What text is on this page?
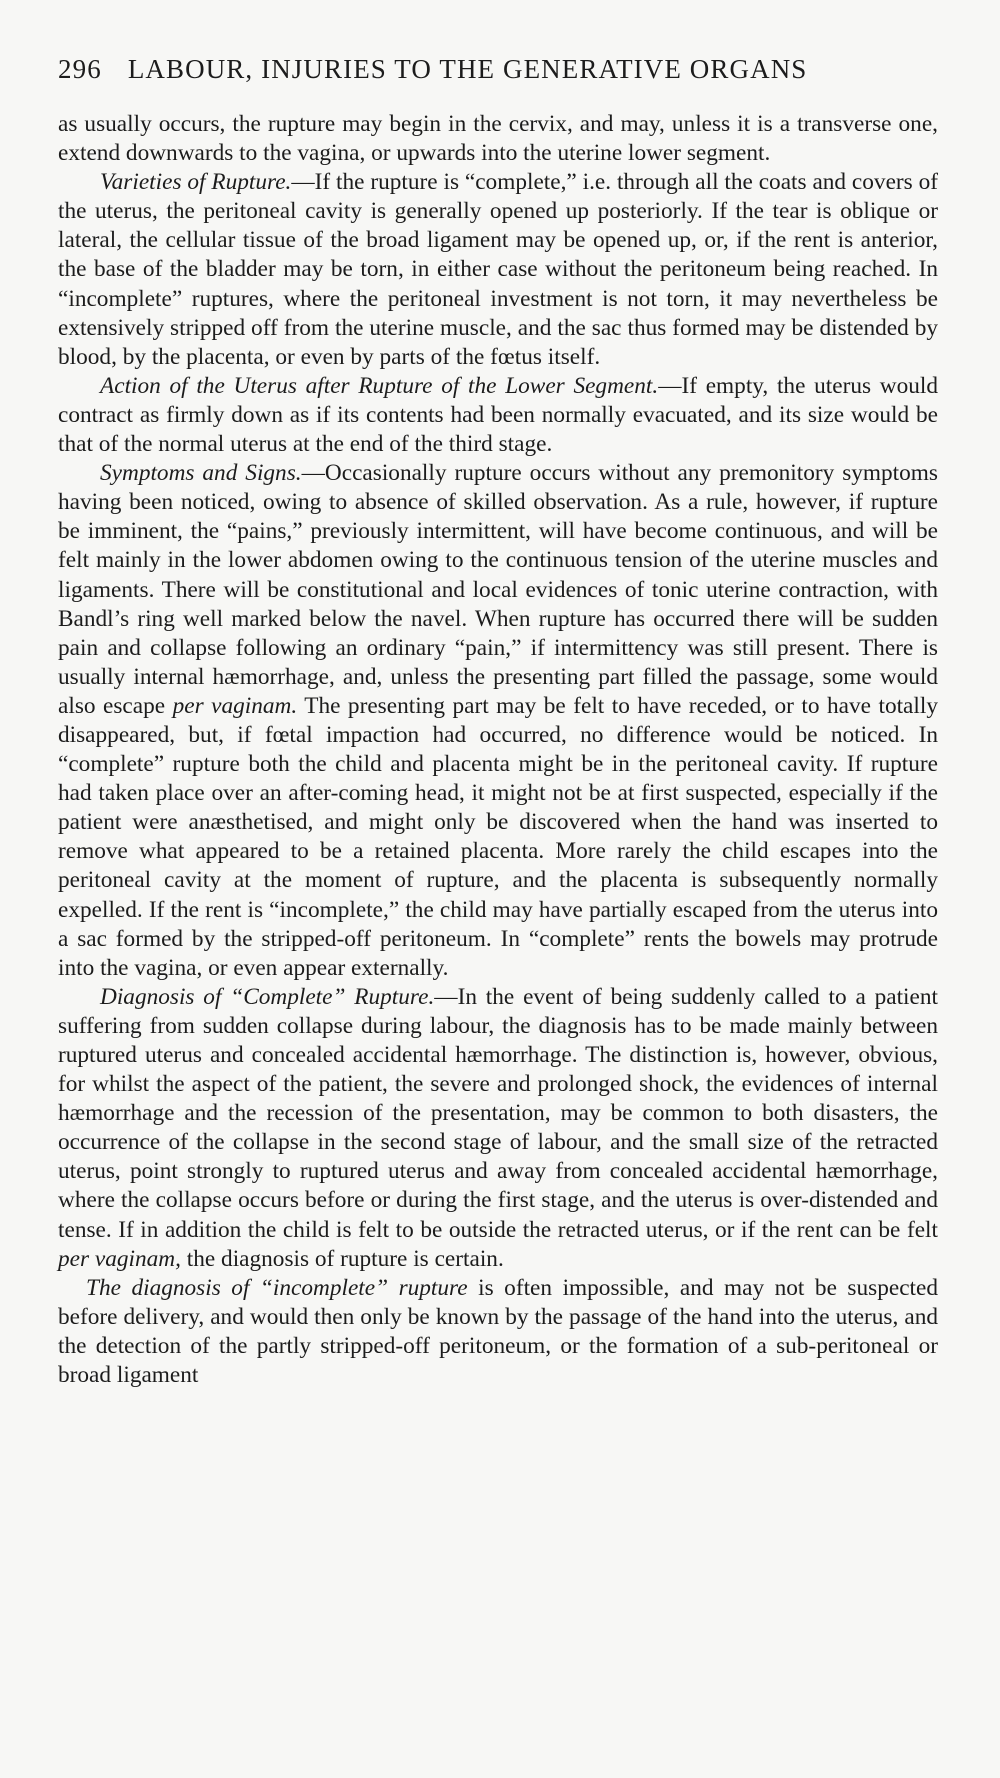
296 LABOUR, INJURIES TO THE GENERATIVE ORGANS

as usually occurs, the rupture may begin in the cervix, and may, unless it is a transverse one, extend downwards to the vagina, or upwards into the uterine lower segment.

Varieties of Rupture.—If the rupture is “complete,” i.e. through all the coats and covers of the uterus, the peritoneal cavity is generally opened up posteriorly. If the tear is oblique or lateral, the cellular tissue of the broad ligament may be opened up, or, if the rent is anterior, the base of the bladder may be torn, in either case without the peritoneum being reached. In “incomplete” ruptures, where the peritoneal investment is not torn, it may nevertheless be extensively stripped off from the uterine muscle, and the sac thus formed may be distended by blood, by the placenta, or even by parts of the fœtus itself.

Action of the Uterus after Rupture of the Lower Segment.—If empty, the uterus would contract as firmly down as if its contents had been normally evacuated, and its size would be that of the normal uterus at the end of the third stage.

Symptoms and Signs.—Occasionally rupture occurs without any premonitory symptoms having been noticed, owing to absence of skilled observation. As a rule, however, if rupture be imminent, the “pains,” previously intermittent, will have become continuous, and will be felt mainly in the lower abdomen owing to the continuous tension of the uterine muscles and ligaments. There will be constitutional and local evidences of tonic uterine contraction, with Bandl’s ring well marked below the navel. When rupture has occurred there will be sudden pain and collapse following an ordinary “pain,” if intermittency was still present. There is usually internal hæmorrhage, and, unless the presenting part filled the passage, some would also escape per vaginam. The presenting part may be felt to have receded, or to have totally disappeared, but, if fœtal impaction had occurred, no difference would be noticed. In “complete” rupture both the child and placenta might be in the peritoneal cavity. If rupture had taken place over an after-coming head, it might not be at first suspected, especially if the patient were anæsthetised, and might only be discovered when the hand was inserted to remove what appeared to be a retained placenta. More rarely the child escapes into the peritoneal cavity at the moment of rupture, and the placenta is subsequently normally expelled. If the rent is “incomplete,” the child may have partially escaped from the uterus into a sac formed by the stripped-off peritoneum. In “complete” rents the bowels may protrude into the vagina, or even appear externally.

Diagnosis of “Complete” Rupture.—In the event of being suddenly called to a patient suffering from sudden collapse during labour, the diagnosis has to be made mainly between ruptured uterus and concealed accidental hæmorrhage. The distinction is, however, obvious, for whilst the aspect of the patient, the severe and prolonged shock, the evidences of internal hæmorrhage and the recession of the presentation, may be common to both disasters, the occurrence of the collapse in the second stage of labour, and the small size of the retracted uterus, point strongly to ruptured uterus and away from concealed accidental hæmorrhage, where the collapse occurs before or during the first stage, and the uterus is over-distended and tense. If in addition the child is felt to be outside the retracted uterus, or if the rent can be felt per vaginam, the diagnosis of rupture is certain.

The diagnosis of “incomplete” rupture is often impossible, and may not be suspected before delivery, and would then only be known by the passage of the hand into the uterus, and the detection of the partly stripped-off peritoneum, or the formation of a sub-peritoneal or broad ligament
